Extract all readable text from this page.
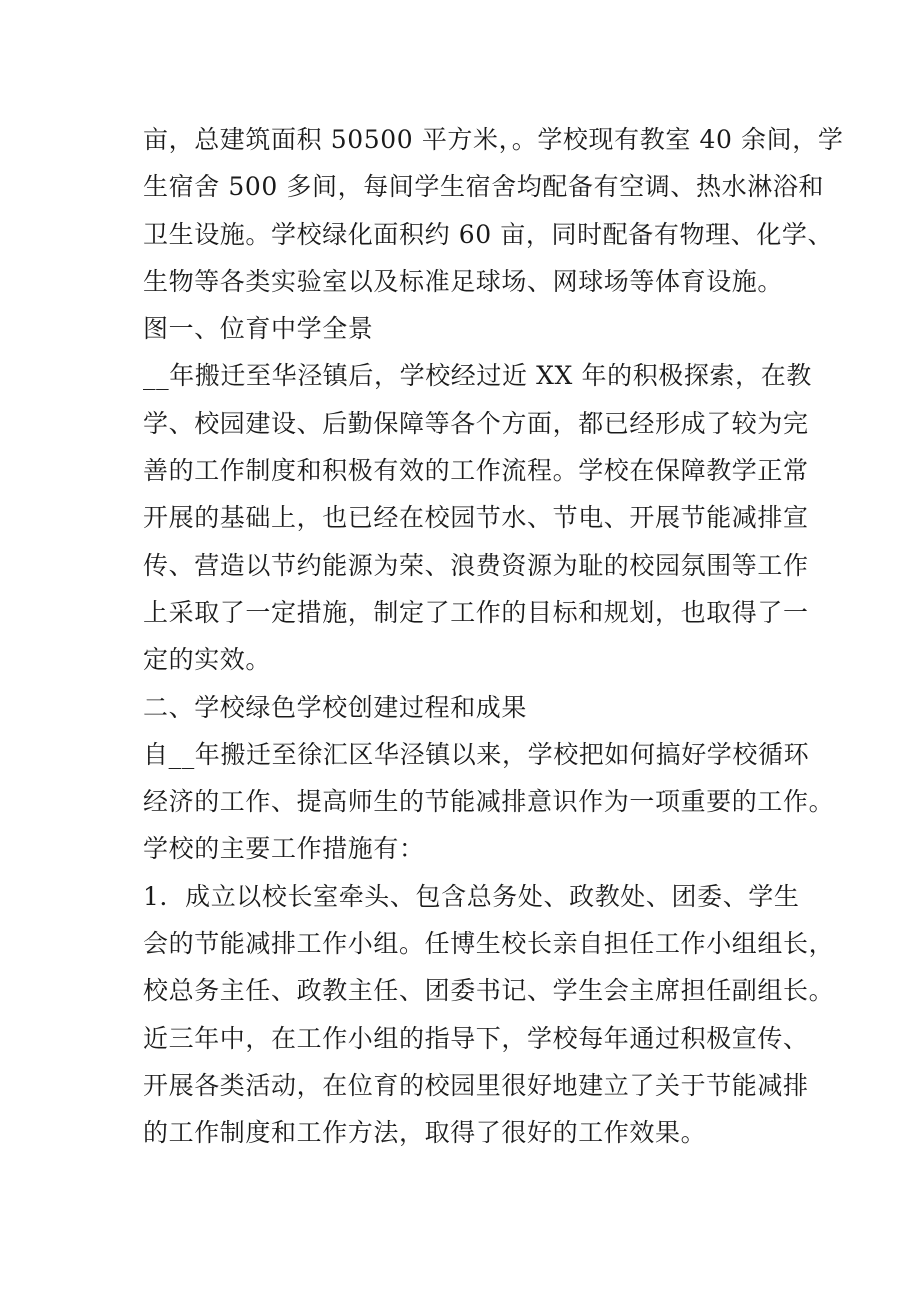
亩，总建筑面积 50500 平方米，。学校现有教室 40 余间，学
生宿舍 500 多间，每间学生宿舍均配备有空调、热水淋浴和
卫生设施。学校绿化面积约 60 亩，同时配备有物理、化学、
生物等各类实验室以及标准足球场、网球场等体育设施。
图一、位育中学全景
__年搬迁至华泾镇后，学校经过近 XX 年的积极探索，在教
学、校园建设、后勤保障等各个方面，都已经形成了较为完
善的工作制度和积极有效的工作流程。学校在保障教学正常
开展的基础上，也已经在校园节水、节电、开展节能减排宣
传、营造以节约能源为荣、浪费资源为耻的校园氛围等工作
上采取了一定措施，制定了工作的目标和规划，也取得了一
定的实效。
二、学校绿色学校创建过程和成果
自__年搬迁至徐汇区华泾镇以来，学校把如何搞好学校循环
经济的工作、提高师生的节能减排意识作为一项重要的工作。
学校的主要工作措施有：
1．成立以校长室牵头、包含总务处、政教处、团委、学生
会的节能减排工作小组。任博生校长亲自担任工作小组组长，
校总务主任、政教主任、团委书记、学生会主席担任副组长。
近三年中，在工作小组的指导下，学校每年通过积极宣传、
开展各类活动，在位育的校园里很好地建立了关于节能减排
的工作制度和工作方法，取得了很好的工作效果。
